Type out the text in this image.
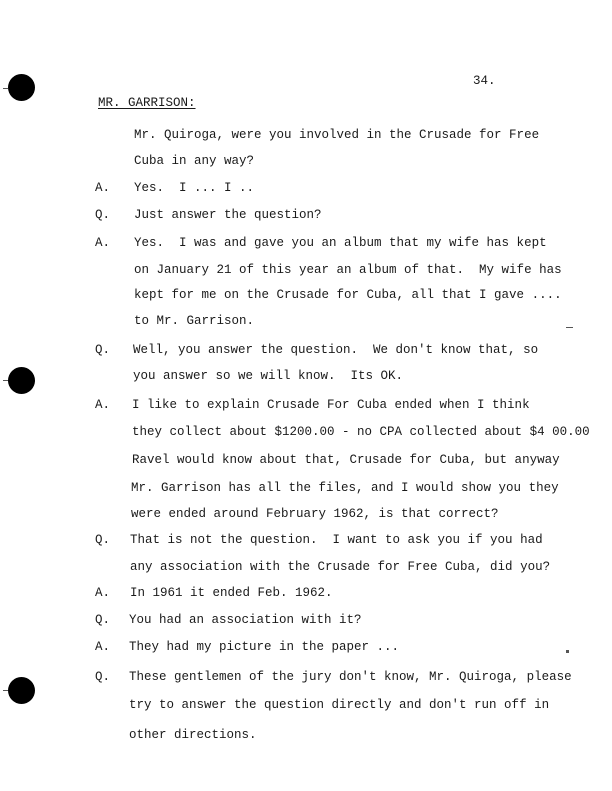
34.
MR. GARRISON:
Mr. Quiroga, were you involved in the Crusade for Free
Cuba in any way?
A. Yes.  I ... I ..
Q. Just answer the question?
A. Yes.  I was and gave you an album that my wife has kept
on January 21 of this year an album of that.  My wife has
kept for me on the Crusade for Cuba, all that I gave ....
to Mr. Garrison.
Q. Well, you answer the question.  We don't know that, so
you answer so we will know.  Its OK.
A. I like to explain Crusade For Cuba ended when I think
they collect about $1200.00 - no CPA collected about $4 00.00
Ravel would know about that, Crusade for Cuba, but anyway
Mr. Garrison has all the files, and I would show you they
were ended around February 1962, is that correct?
Q. That is not the question.  I want to ask you if you had
any association with the Crusade for Free Cuba, did you?
A. In 1961 it ended Feb. 1962.
Q. You had an association with it?
A. They had my picture in the paper ...
Q. These gentlemen of the jury don't know, Mr. Quiroga, please
try to answer the question directly and don't run off in
other directions.
